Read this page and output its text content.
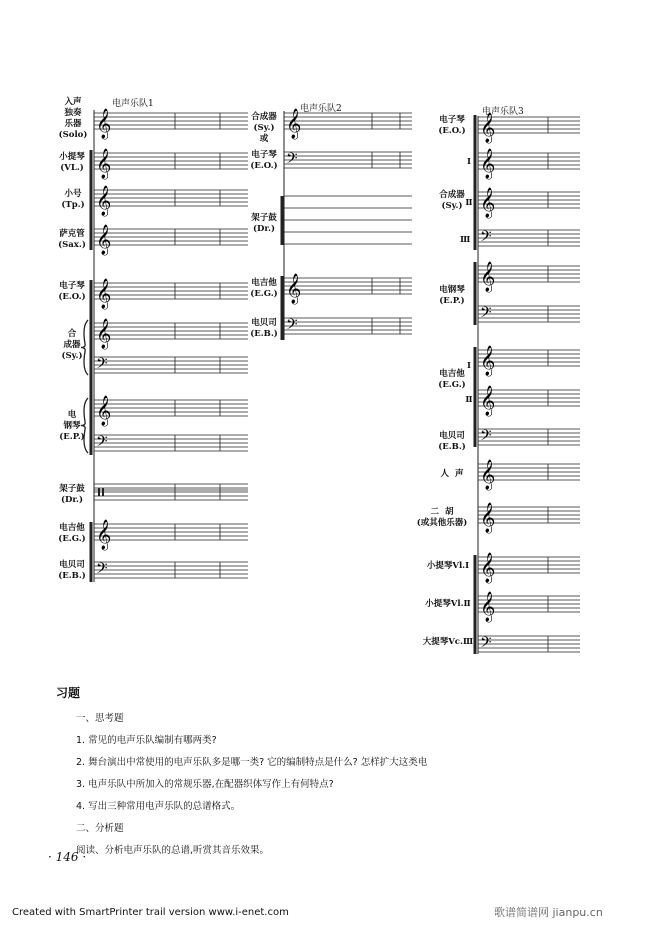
电声乐队1
𝄞
𝄞
𝄞
𝄞
𝄞
𝄞
𝄢
𝄞
𝄢
𝄞
𝄢
入声
独奏
乐器
(Solo)
小提琴
(VL.)
小号
(Tp.)
萨克管
(Sax.)
电子琴
(E.O.)
合
成器
(Sy.)
电
钢琴
(E.P.)
架子鼓
(Dr.)
电吉他
(E.G.)
电贝司
(E.B.)
电声乐队2
𝄞
𝄢
𝄞
𝄢
合成器
(Sy.)
或
电子琴
(E.O.)
架子鼓
(Dr.)
电吉他
(E.G.)
电贝司
(E.B.)
电声乐队3
𝄞
𝄞
𝄞
𝄢
𝄞
𝄢
𝄞
𝄞
𝄢
𝄞
𝄞
𝄞
𝄞
𝄢
电子琴
(E.O.)
合成器
(Sy.)
电钢琴
(E.P.)
电吉他
(E.G.)
电贝司
(E.B.)
人  声
二  胡
(或其他乐器)
小提琴Vl.Ⅰ
小提琴Vl.Ⅱ
大提琴Vc.Ⅲ
Ⅰ
Ⅱ
Ⅲ
Ⅰ
Ⅱ
习题
一、思考题
1. 常见的电声乐队编制有哪两类?
2. 舞台演出中常使用的电声乐队多是哪一类? 它的编制特点是什么? 怎样扩大这类电
3. 电声乐队中所加入的常规乐器,在配器织体写作上有何特点?
4. 写出三种常用电声乐队的总谱格式。
二、分析题
阅读、分析电声乐队的总谱,听赏其音乐效果。
· 146 ·
Created with SmartPrinter trail version www.i-enet.com	歌谱简谱网 jianpu.cn
